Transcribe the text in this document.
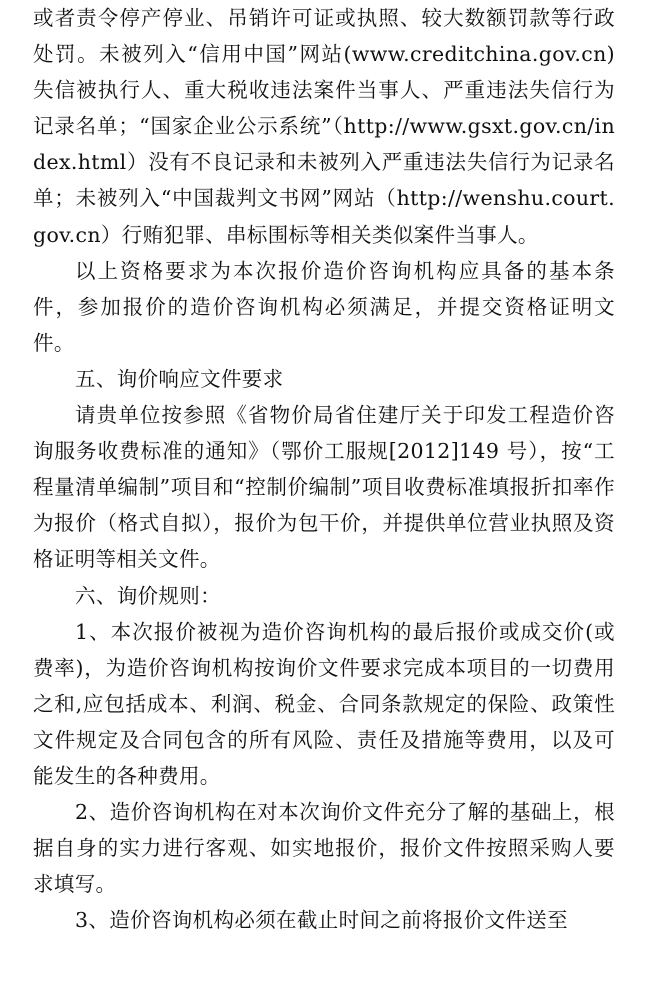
或者责令停产停业、吊销许可证或执照、较大数额罚款等行政处罚。未被列入“信用中国”网站(www.creditchina.gov.cn)失信被执行人、重大税收违法案件当事人、严重违法失信行为记录名单；“国家企业公示系统”（http://www.gsxt.gov.cn/index.html）没有不良记录和未被列入严重违法失信行为记录名单；未被列入“中国裁判文书网”网站（http://wenshu.court.gov.cn）行贿犯罪、串标围标等相关类似案件当事人。

以上资格要求为本次报价造价咨询机构应具备的基本条件，参加报价的造价咨询机构必须满足，并提交资格证明文件。

五、询价响应文件要求

请贵单位按参照《省物价局省住建厅关于印发工程造价咨询服务收费标准的通知》（鄂价工服规[2012]149 号），按“工程量清单编制”项目和“控制价编制”项目收费标准填报折扣率作为报价（格式自拟），报价为包干价，并提供单位营业执照及资格证明等相关文件。

六、询价规则：

1、本次报价被视为造价咨询机构的最后报价或成交价(或费率)，为造价咨询机构按询价文件要求完成本项目的一切费用之和,应包括成本、利润、税金、合同条款规定的保险、政策性文件规定及合同包含的所有风险、责任及措施等费用，以及可能发生的各种费用。

2、造价咨询机构在对本次询价文件充分了解的基础上，根据自身的实力进行客观、如实地报价，报价文件按照采购人要求填写。

3、造价咨询机构必须在截止时间之前将报价文件送至
